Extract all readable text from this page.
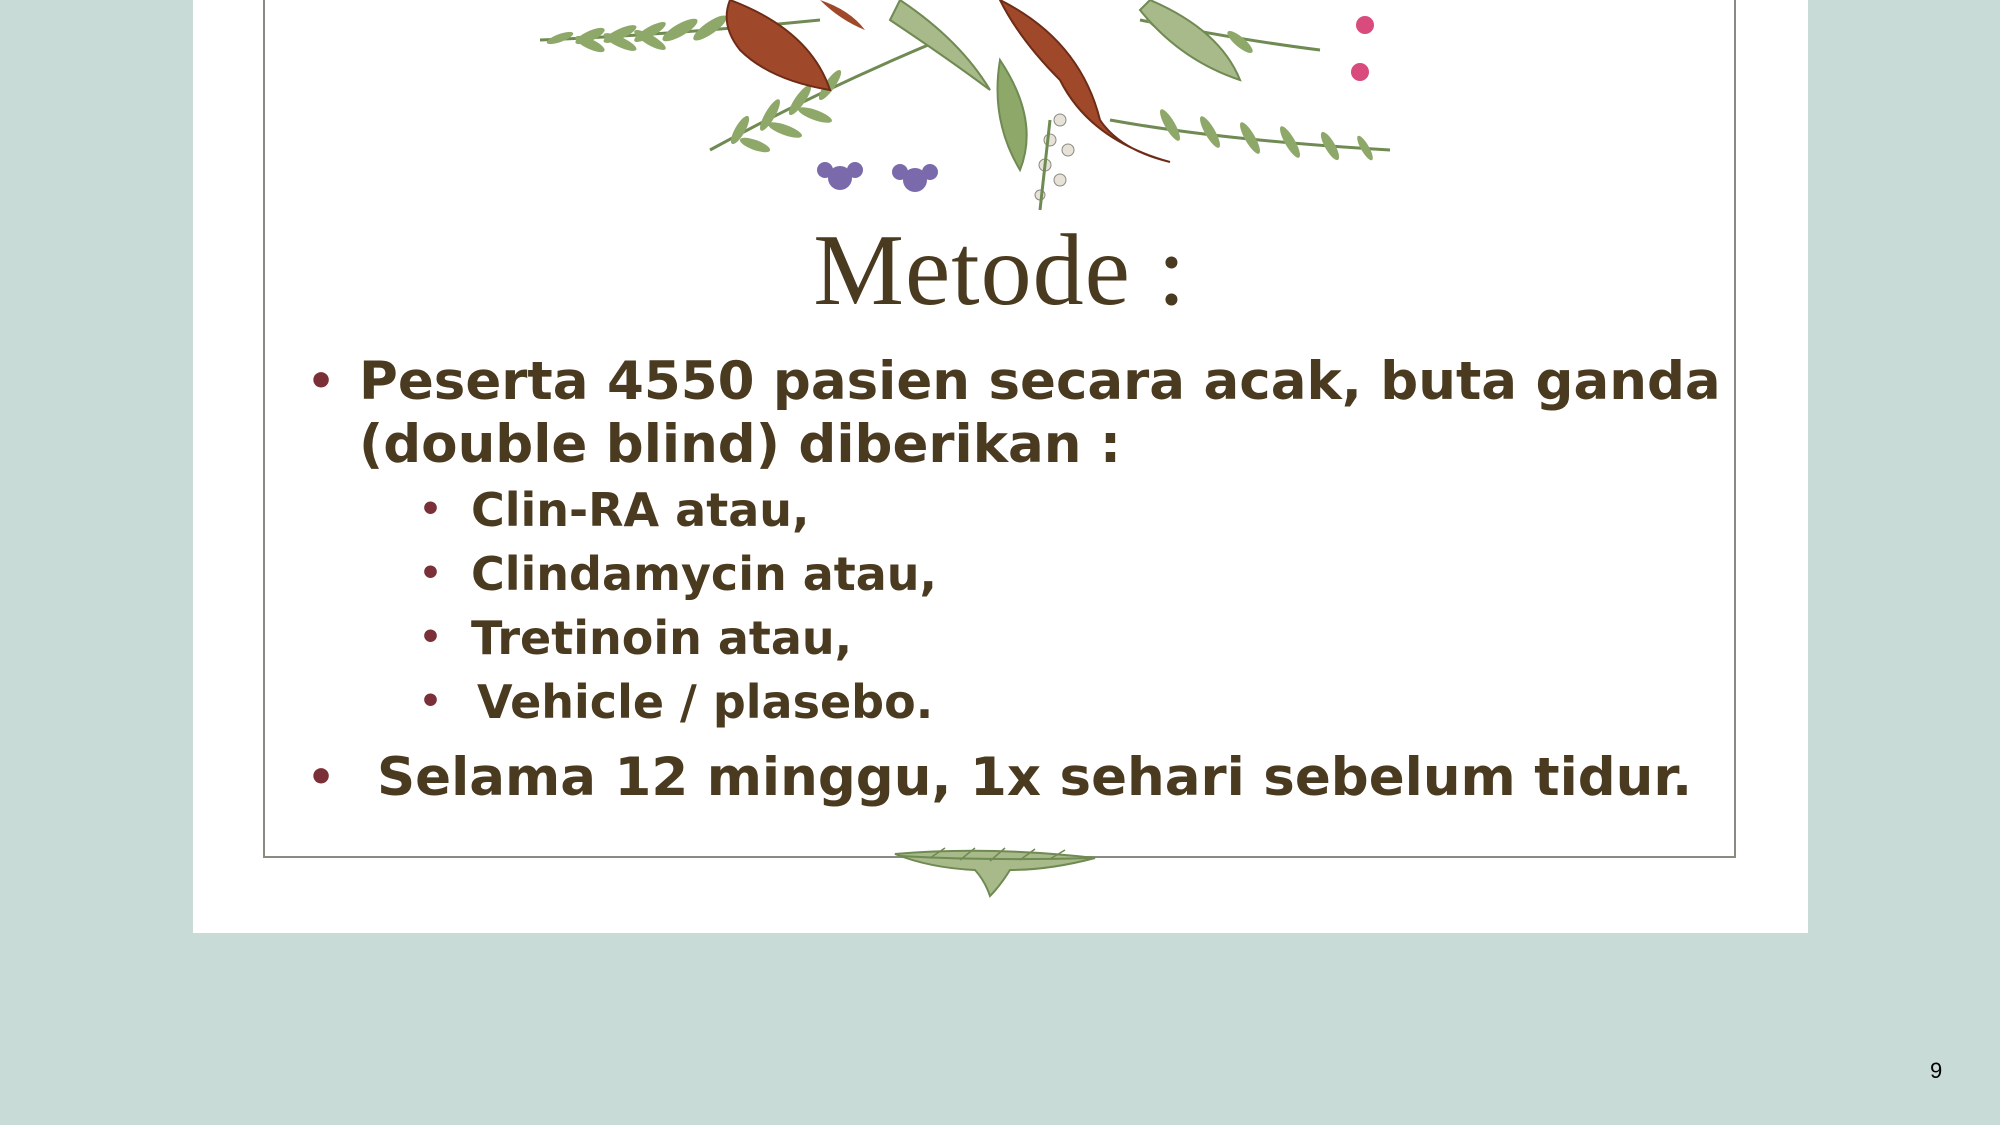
Metode :
• Peserta 4550 pasien secara acak, buta ganda (double blind) diberikan :
• Clin-RA atau,
• Clindamycin atau,
• Tretinoin atau,
• Vehicle / plasebo.
• Selama 12 minggu, 1x sehari sebelum tidur.
9
